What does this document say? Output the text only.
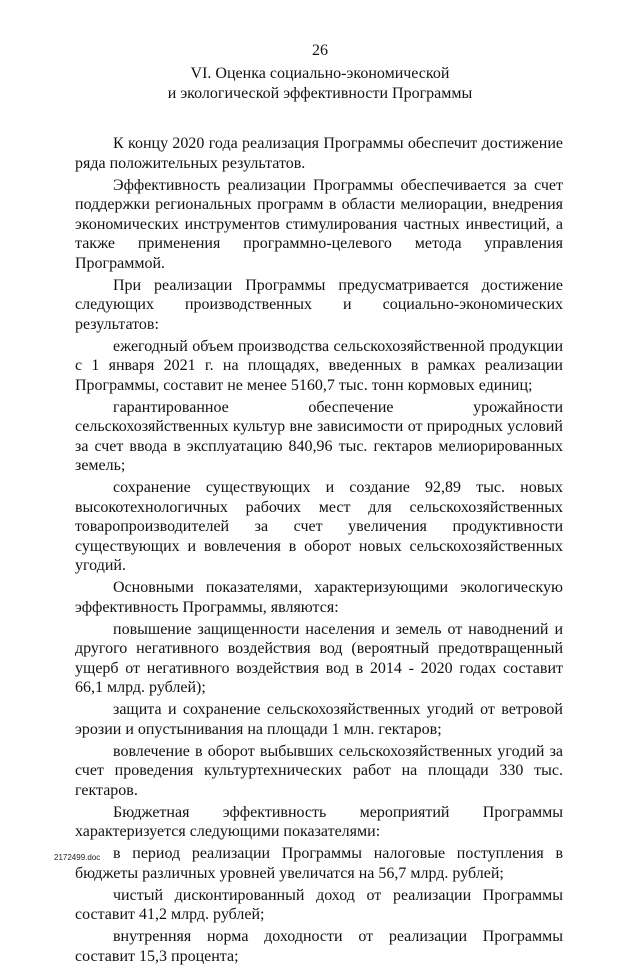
26
VI. Оценка социально-экономической
и экологической эффективности Программы

К концу 2020 года реализация Программы обеспечит достижение ряда положительных результатов.

Эффективность реализации Программы обеспечивается за счет поддержки региональных программ в области мелиорации, внедрения экономических инструментов стимулирования частных инвестиций, а также применения программно-целевого метода управления Программой.

При реализации Программы предусматривается достижение следующих производственных и социально-экономических результатов:

ежегодный объем производства сельскохозяйственной продукции с 1 января 2021 г. на площадях, введенных в рамках реализации Программы, составит не менее 5160,7 тыс. тонн кормовых единиц;

гарантированное обеспечение урожайности сельскохозяйственных культур вне зависимости от природных условий за счет ввода в эксплуатацию 840,96 тыс. гектаров мелиорированных земель;

сохранение существующих и создание 92,89 тыс. новых высокотехнологичных рабочих мест для сельскохозяйственных товаропроизводителей за счет увеличения продуктивности существующих и вовлечения в оборот новых сельскохозяйственных угодий.

Основными показателями, характеризующими экологическую эффективность Программы, являются:

повышение защищенности населения и земель от наводнений и другого негативного воздействия вод (вероятный предотвращенный ущерб от негативного воздействия вод в 2014 - 2020 годах составит 66,1 млрд. рублей);

защита и сохранение сельскохозяйственных угодий от ветровой эрозии и опустынивания на площади 1 млн. гектаров;

вовлечение в оборот выбывших сельскохозяйственных угодий за счет проведения культуртехнических работ на площади 330 тыс. гектаров.

Бюджетная эффективность мероприятий Программы характеризуется следующими показателями:

в период реализации Программы налоговые поступления в бюджеты различных уровней увеличатся на 56,7 млрд. рублей;

чистый дисконтированный доход от реализации Программы составит 41,2 млрд. рублей;

внутренняя норма доходности от реализации Программы составит 15,3 процента;

2172499.doc
